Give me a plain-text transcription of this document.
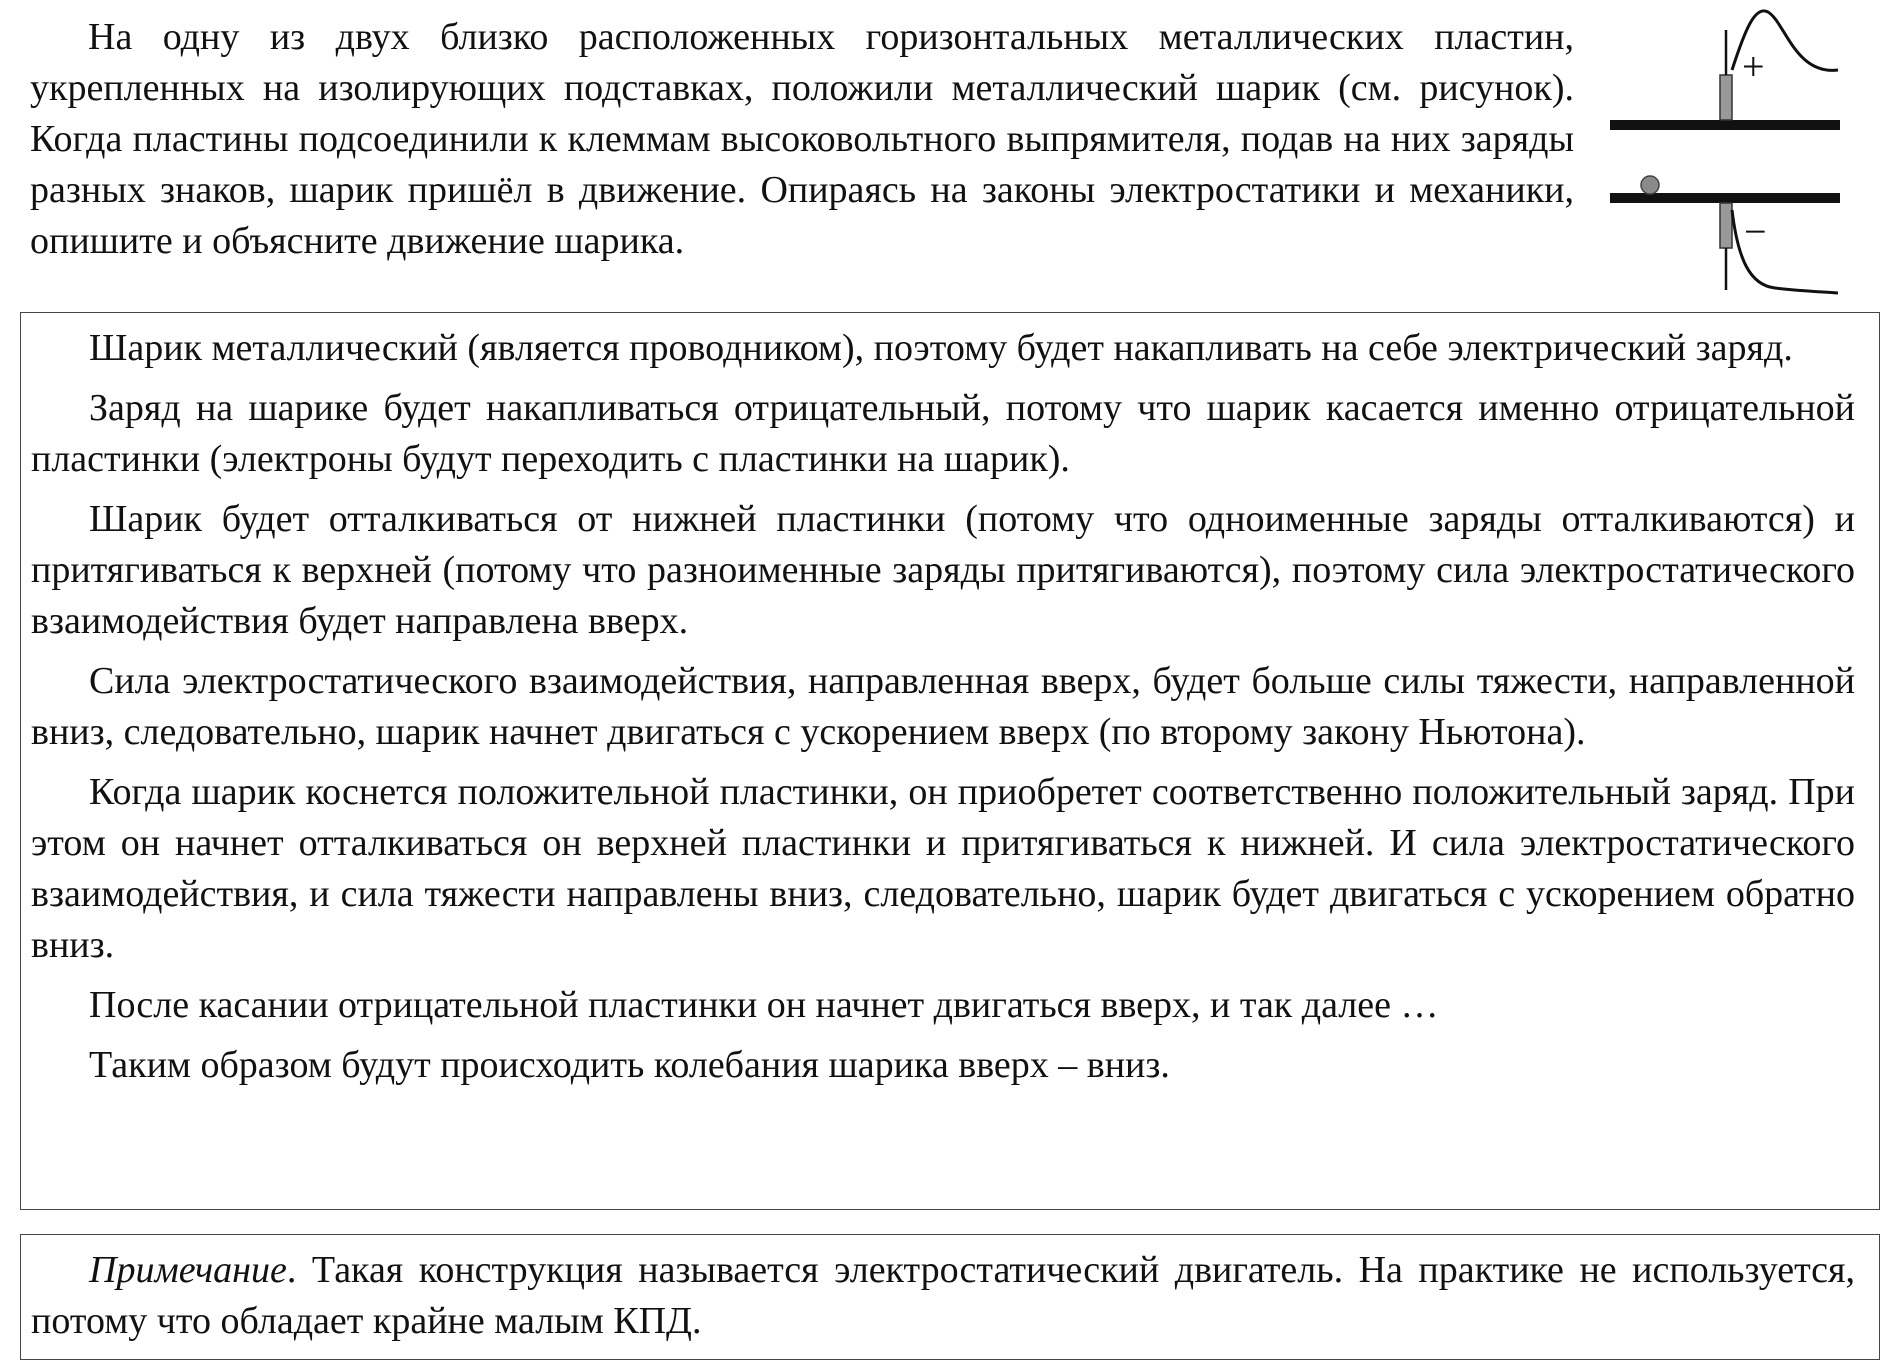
На одну из двух близко расположенных горизонтальных металлических пластин, укрепленных на изолирующих подставках, положили металлический шарик (см. рисунок). Когда пластины подсоединили к клеммам высоковольтного выпрямителя, подав на них заряды разных знаков, шарик пришёл в движение. Опираясь на законы электростатики и механики, опишите и объясните движение шарика.

+
−

Шарик металлический (является проводником), поэтому будет накапливать на себе электрический заряд.

Заряд на шарике будет накапливаться отрицательный, потому что шарик касается именно отрицательной пластинки (электроны будут переходить с пластинки на шарик).

Шарик будет отталкиваться от нижней пластинки (потому что одноименные заряды отталкиваются) и притягиваться к верхней (потому что разноименные заряды притягиваются), поэтому сила электростатического взаимодействия будет направлена вверх.

Сила электростатического взаимодействия, направленная вверх, будет больше силы тяжести, направленной вниз, следовательно, шарик начнет двигаться с ускорением вверх (по второму закону Ньютона).

Когда шарик коснется положительной пластинки, он приобретет соответственно положительный заряд. При этом он начнет отталкиваться он верхней пластинки и притягиваться к нижней. И сила электростатического взаимодействия, и сила тяжести направлены вниз, следовательно, шарик будет двигаться с ускорением обратно вниз.

После касании отрицательной пластинки он начнет двигаться вверх, и так далее …

Таким образом будут происходить колебания шарика вверх – вниз.

Примечание. Такая конструкция называется электростатический двигатель. На практике не используется, потому что обладает крайне малым КПД.
